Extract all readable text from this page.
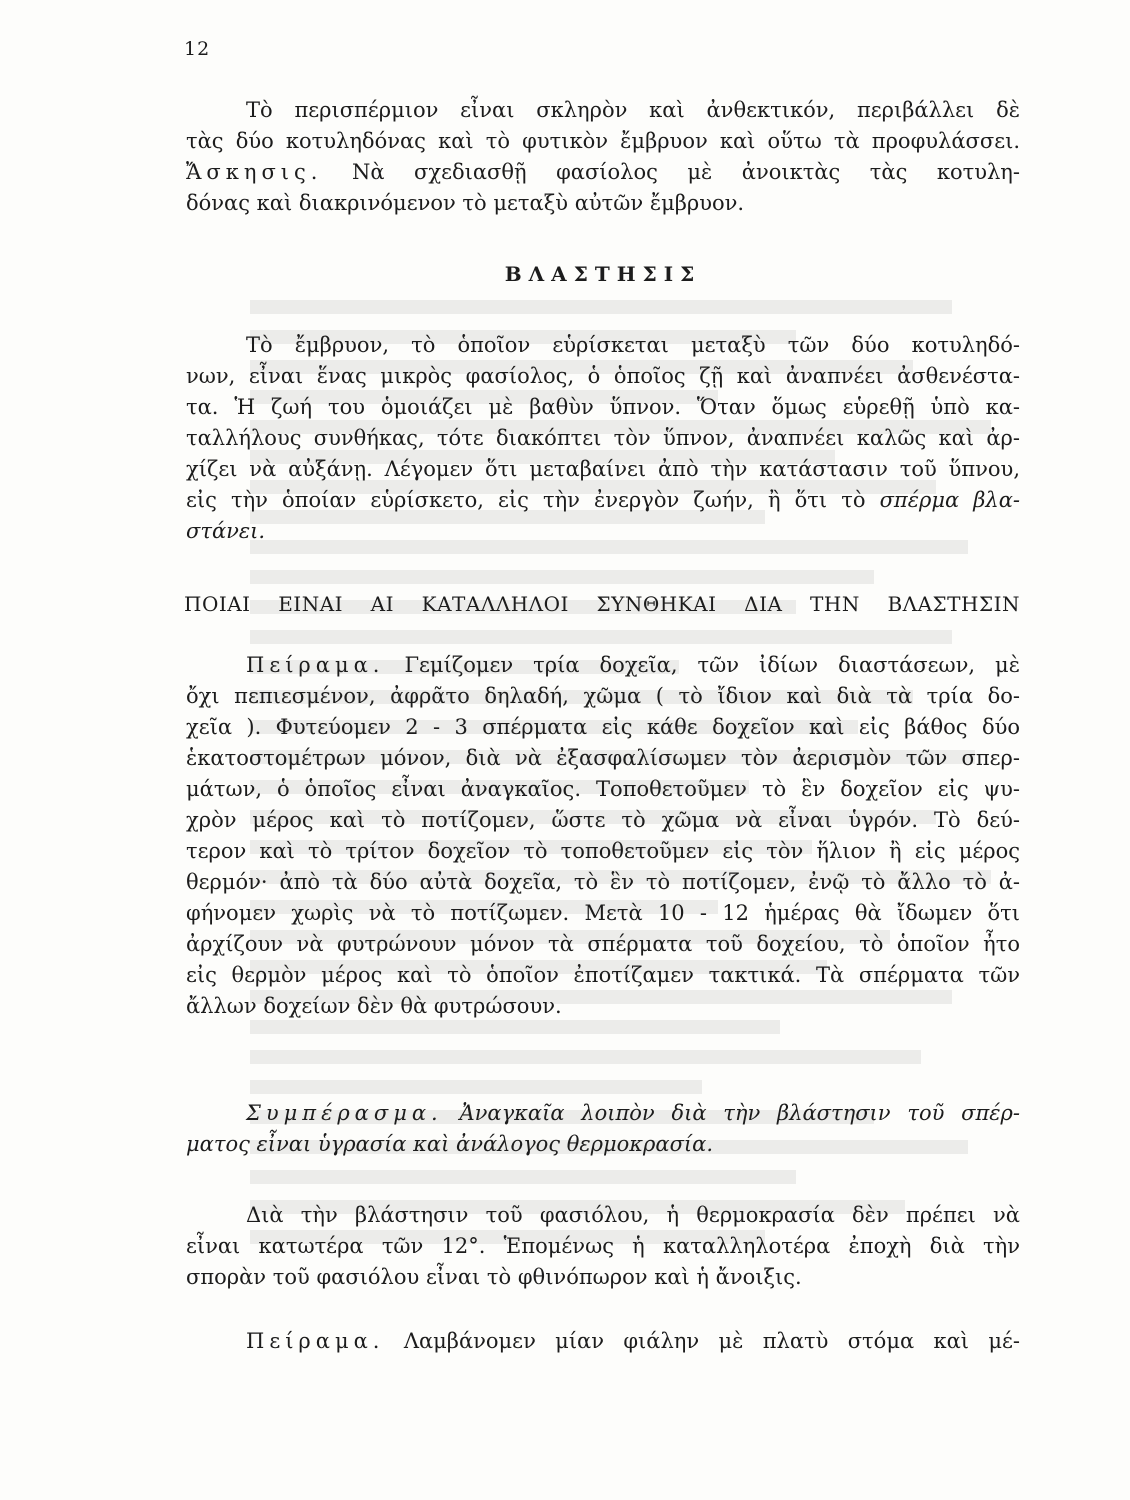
12
Τὸ περισπέρμιον εἶναι σκληρὸν καὶ ἀνθεκτικόν, περιβάλλει δὲ
τὰς δύο κοτυληδόνας καὶ τὸ φυτικὸν ἔμβρυον καὶ οὕτω τὰ προφυλάσσει.
Ἄσκησις. Νὰ σχεδιασθῇ φασίολος μὲ ἀνοικτὰς τὰς κοτυλη-
δόνας καὶ διακρινόμενον τὸ μεταξὺ αὐτῶν ἔμβρυον.
ΒΛΑΣΤΗΣΙΣ
Τὸ ἔμβρυον, τὸ ὁποῖον εὑρίσκεται μεταξὺ τῶν δύο κοτυληδό-
νων, εἶναι ἕνας μικρὸς φασίολος, ὁ ὁποῖος ζῇ καὶ ἀναπνέει ἀσθενέστα-
τα. Ἡ ζωή του ὁμοιάζει μὲ βαθὺν ὕπνον. Ὅταν ὅμως εὑρεθῇ ὑπὸ κα-
ταλλήλους συνθήκας, τότε διακόπτει τὸν ὕπνον, ἀναπνέει καλῶς καὶ ἀρ-
χίζει νὰ αὐξάνῃ. Λέγομεν ὅτι μεταβαίνει ἀπὸ τὴν κατάστασιν τοῦ ὕπνου,
εἰς τὴν ὁποίαν εὑρίσκετο, εἰς τὴν ἐνεργὸν ζωήν, ἢ ὅτι τὸ σπέρμα βλα-
στάνει.
ΠΟΙΑΙ ΕΙΝΑΙ ΑΙ ΚΑΤΑΛΛΗΛΟΙ ΣΥΝΘΗΚΑΙ ΔΙΑ ΤΗΝ ΒΛΑΣΤΗΣΙΝ
Πείραμα. Γεμίζομεν τρία δοχεῖα, τῶν ἰδίων διαστάσεων, μὲ
ὄχι πεπιεσμένον, ἀφρᾶτο δηλαδή, χῶμα ( τὸ ἴδιον καὶ διὰ τὰ τρία δο-
χεῖα ). Φυτεύομεν 2 - 3 σπέρματα εἰς κάθε δοχεῖον καὶ εἰς βάθος δύο
ἑκατοστομέτρων μόνον, διὰ νὰ ἐξασφαλίσωμεν τὸν ἀερισμὸν τῶν σπερ-
μάτων, ὁ ὁποῖος εἶναι ἀναγκαῖος. Τοποθετοῦμεν τὸ ἓν δοχεῖον εἰς ψυ-
χρὸν μέρος καὶ τὸ ποτίζομεν, ὥστε τὸ χῶμα νὰ εἶναι ὑγρόν. Τὸ δεύ-
τερον καὶ τὸ τρίτον δοχεῖον τὸ τοποθετοῦμεν εἰς τὸν ἥλιον ἢ εἰς μέρος
θερμόν· ἀπὸ τὰ δύο αὐτὰ δοχεῖα, τὸ ἓν τὸ ποτίζομεν, ἐνῷ τὸ ἄλλο τὸ ἀ-
φήνομεν χωρὶς νὰ τὸ ποτίζωμεν. Μετὰ 10 - 12 ἡμέρας θὰ ἴδωμεν ὅτι
ἀρχίζουν νὰ φυτρώνουν μόνον τὰ σπέρματα τοῦ δοχείου, τὸ ὁποῖον ἦτο
εἰς θερμὸν μέρος καὶ τὸ ὁποῖον ἐποτίζαμεν τακτικά. Τὰ σπέρματα τῶν
ἄλλων δοχείων δὲν θὰ φυτρώσουν.
Συμπέρασμα. Ἀναγκαῖα λοιπὸν διὰ τὴν βλάστησιν τοῦ σπέρ-
ματος εἶναι ὑγρασία καὶ ἀνάλογος θερμοκρασία.
Διὰ τὴν βλάστησιν τοῦ φασιόλου, ἡ θερμοκρασία δὲν πρέπει νὰ
εἶναι κατωτέρα τῶν 12°. Ἑπομένως ἡ καταλληλοτέρα ἐποχὴ διὰ τὴν
σπορὰν τοῦ φασιόλου εἶναι τὸ φθινόπωρον καὶ ἡ ἄνοιξις.
Πείραμα. Λαμβάνομεν μίαν φιάλην μὲ πλατὺ στόμα καὶ μέ-
